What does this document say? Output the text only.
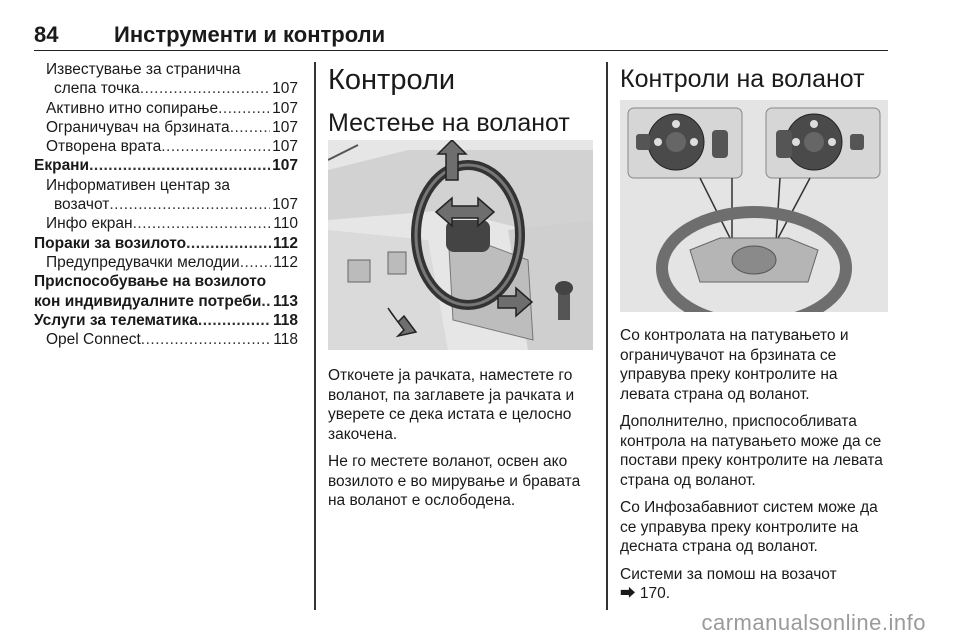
84	Инструменти и контроли
Известување за странична
слепа точка .....	107
Активно итно сопирање .....	107
Ограничувач на брзината .....	107
Отворена врата .....	107
Екрани .....	107
Информативен центар за
возачот .....	107
Инфо екран .....	110
Пораки за возилото .....	112
Предупредувачки мелодии ..... 112
Приспособување на возилото
кон индивидуалните потреби ..... 113
Услуги за телематика .....	118
Opel Connect .....	118
Контроли
Местење на воланот

Откочете ја рачката, наместете го воланот, па заглавете ја рачката и уверете се дека истата е целосно закочена.

Не го местете воланот, освен ако возилото е во мирување и бравата на воланот е ослободена.

Контроли на воланот

Со контролата на патувањето и ограничувачот на брзината се управува преку контролите на левата страна од воланот.

Дополнително, приспособливата контрола на патувањето може да се постави преку контролите на левата страна од воланот.

Со Инфозабавниот систем може да се управува преку контролите на десната страна од воланот.

Системи за помош на возачот

⮕ 170.

carmanualsonline.info
